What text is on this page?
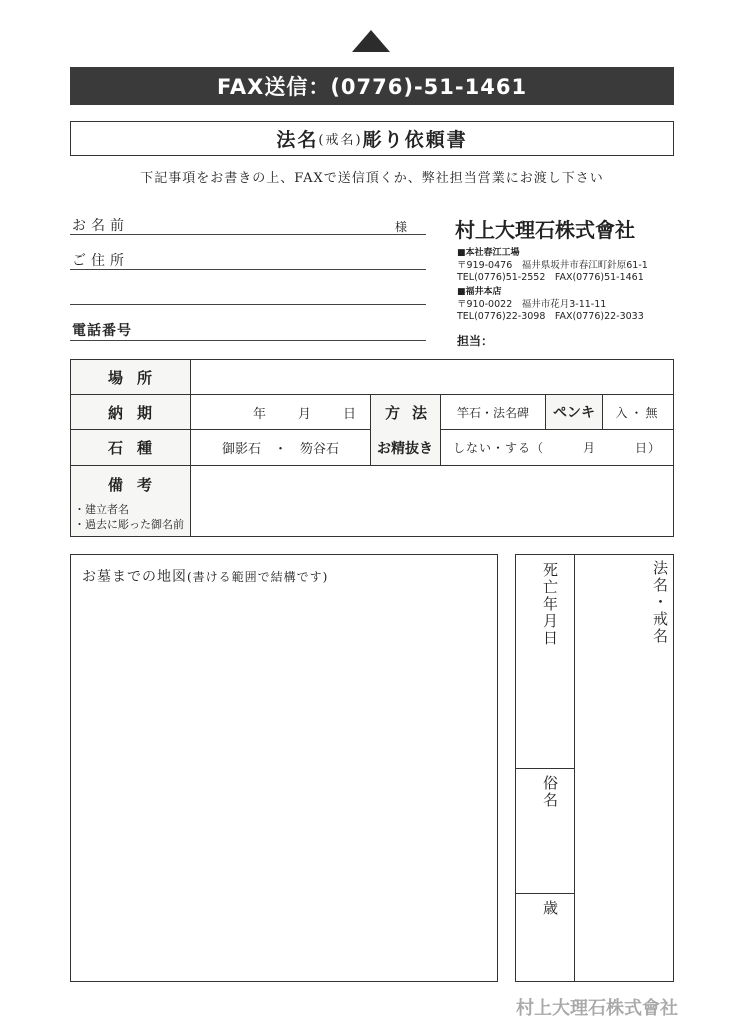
FAX送信：(0776)-51-1461
法名 (戒名) 彫り依頼書
下記事項をお書きの上、FAXで送信頂くか、弊社担当営業にお渡し下さい
お名前	様
ご住所
電話番号
村上大理石株式會社
■本社春江工場
〒919-0476　福井県坂井市春江町針原61-1
TEL(0776)51-2552　FAX(0776)51-1461
■福井本店
〒910-0022　福井市花月3-11-11
TEL(0776)22-3098　FAX(0776)22-3033
担当：
場所
納期	年　　月　　日	方法	竿石・法名碑	ペンキ	入・無
石種	御影石　・　笏谷石	お精抜き	しない・する（　　　月　　　日）
備考
・建立者名
・過去に彫った御名前
お墓までの地図(書ける範囲で結構です)	死亡年月日	法名・戒名
俗名
歳
村上大理石株式會社
